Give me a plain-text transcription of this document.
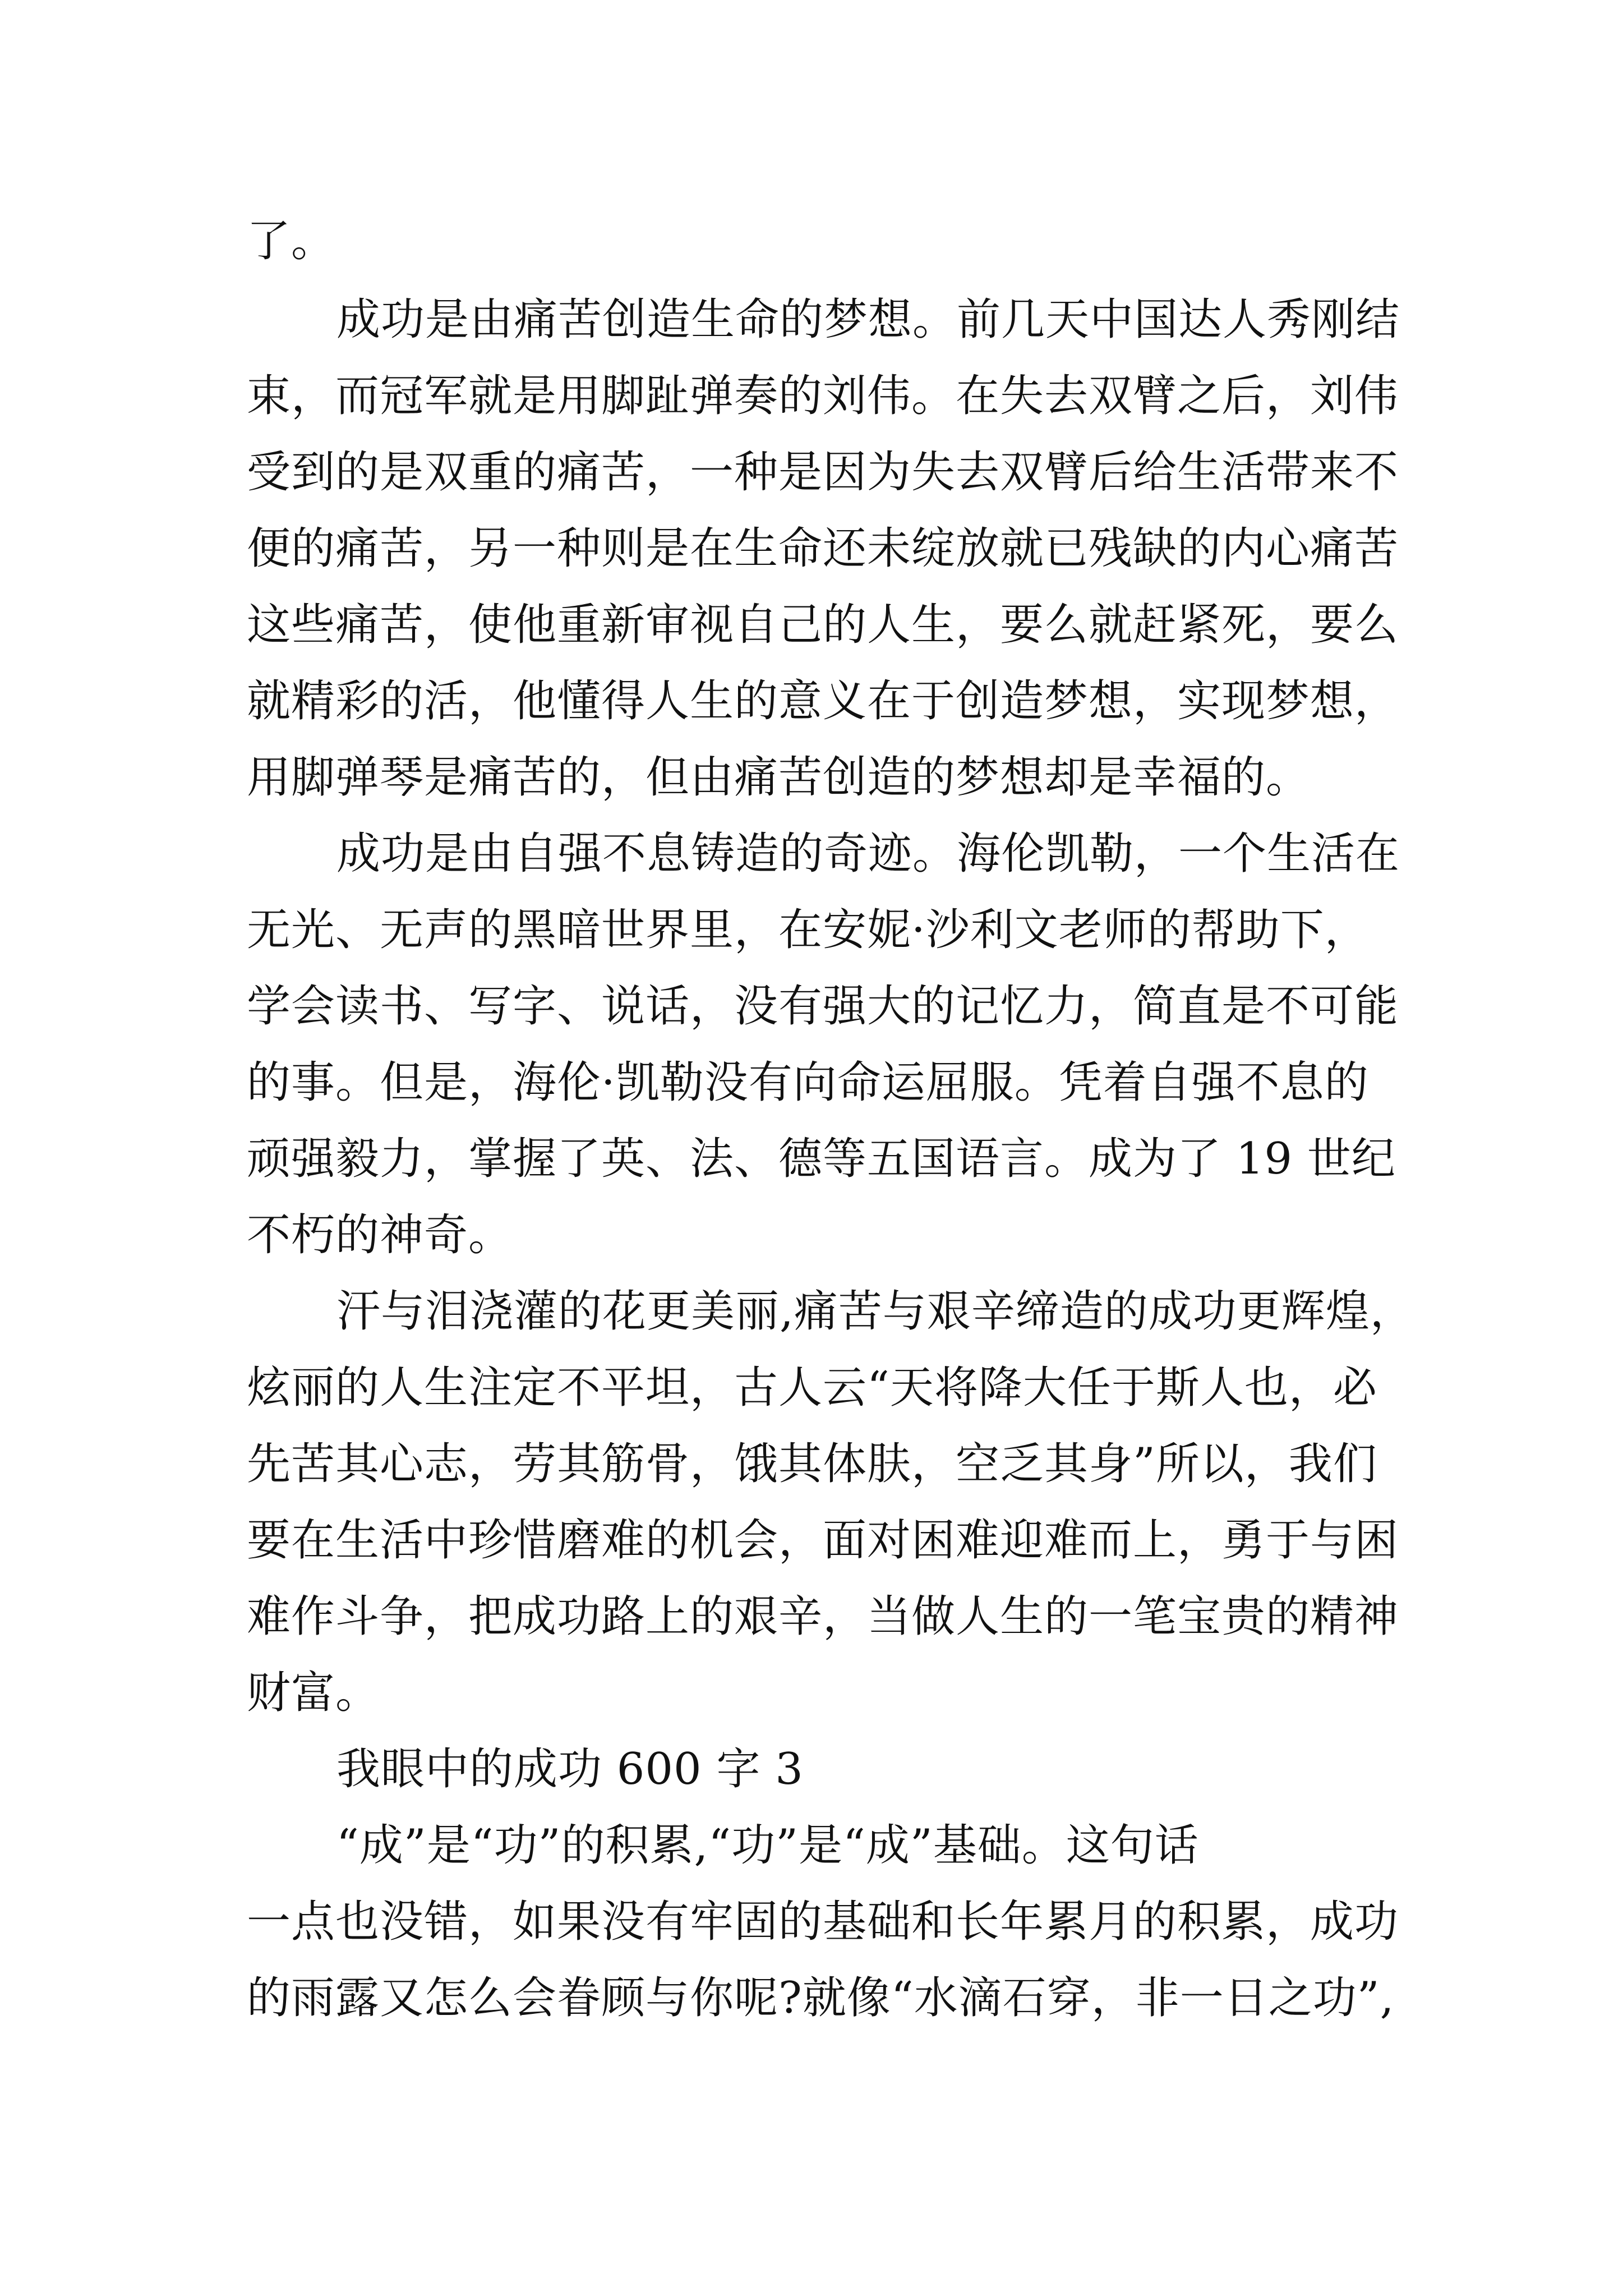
了。
成功是由痛苦创造生命的梦想。前几天中国达人秀刚结
束，而冠军就是用脚趾弹奏的刘伟。在失去双臂之后，刘伟
受到的是双重的痛苦，一种是因为失去双臂后给生活带来不
便的痛苦，另一种则是在生命还未绽放就已残缺的内心痛苦
这些痛苦，使他重新审视自己的人生，要么就赶紧死，要么
就精彩的活，他懂得人生的意义在于创造梦想，实现梦想，
用脚弹琴是痛苦的，但由痛苦创造的梦想却是幸福的。
成功是由自强不息铸造的奇迹。海伦凯勒，一个生活在
无光、无声的黑暗世界里，在安妮·沙利文老师的帮助下，
学会读书、写字、说话，没有强大的记忆力，简直是不可能
的事。但是，海伦·凯勒没有向命运屈服。凭着自强不息的
顽强毅力，掌握了英、法、德等五国语言。成为了 19 世纪
不朽的神奇。
汗与泪浇灌的花更美丽,痛苦与艰辛缔造的成功更辉煌，
炫丽的人生注定不平坦，古人云“天将降大任于斯人也，必
先苦其心志，劳其筋骨，饿其体肤，空乏其身”所以，我们
要在生活中珍惜磨难的机会，面对困难迎难而上，勇于与困
难作斗争，把成功路上的艰辛，当做人生的一笔宝贵的精神
财富。
我眼中的成功 600 字 3
“成”是“功”的积累,“功”是“成”基础。这句话
一点也没错，如果没有牢固的基础和长年累月的积累，成功
的雨露又怎么会眷顾与你呢?就像“水滴石穿，非一日之功”,
